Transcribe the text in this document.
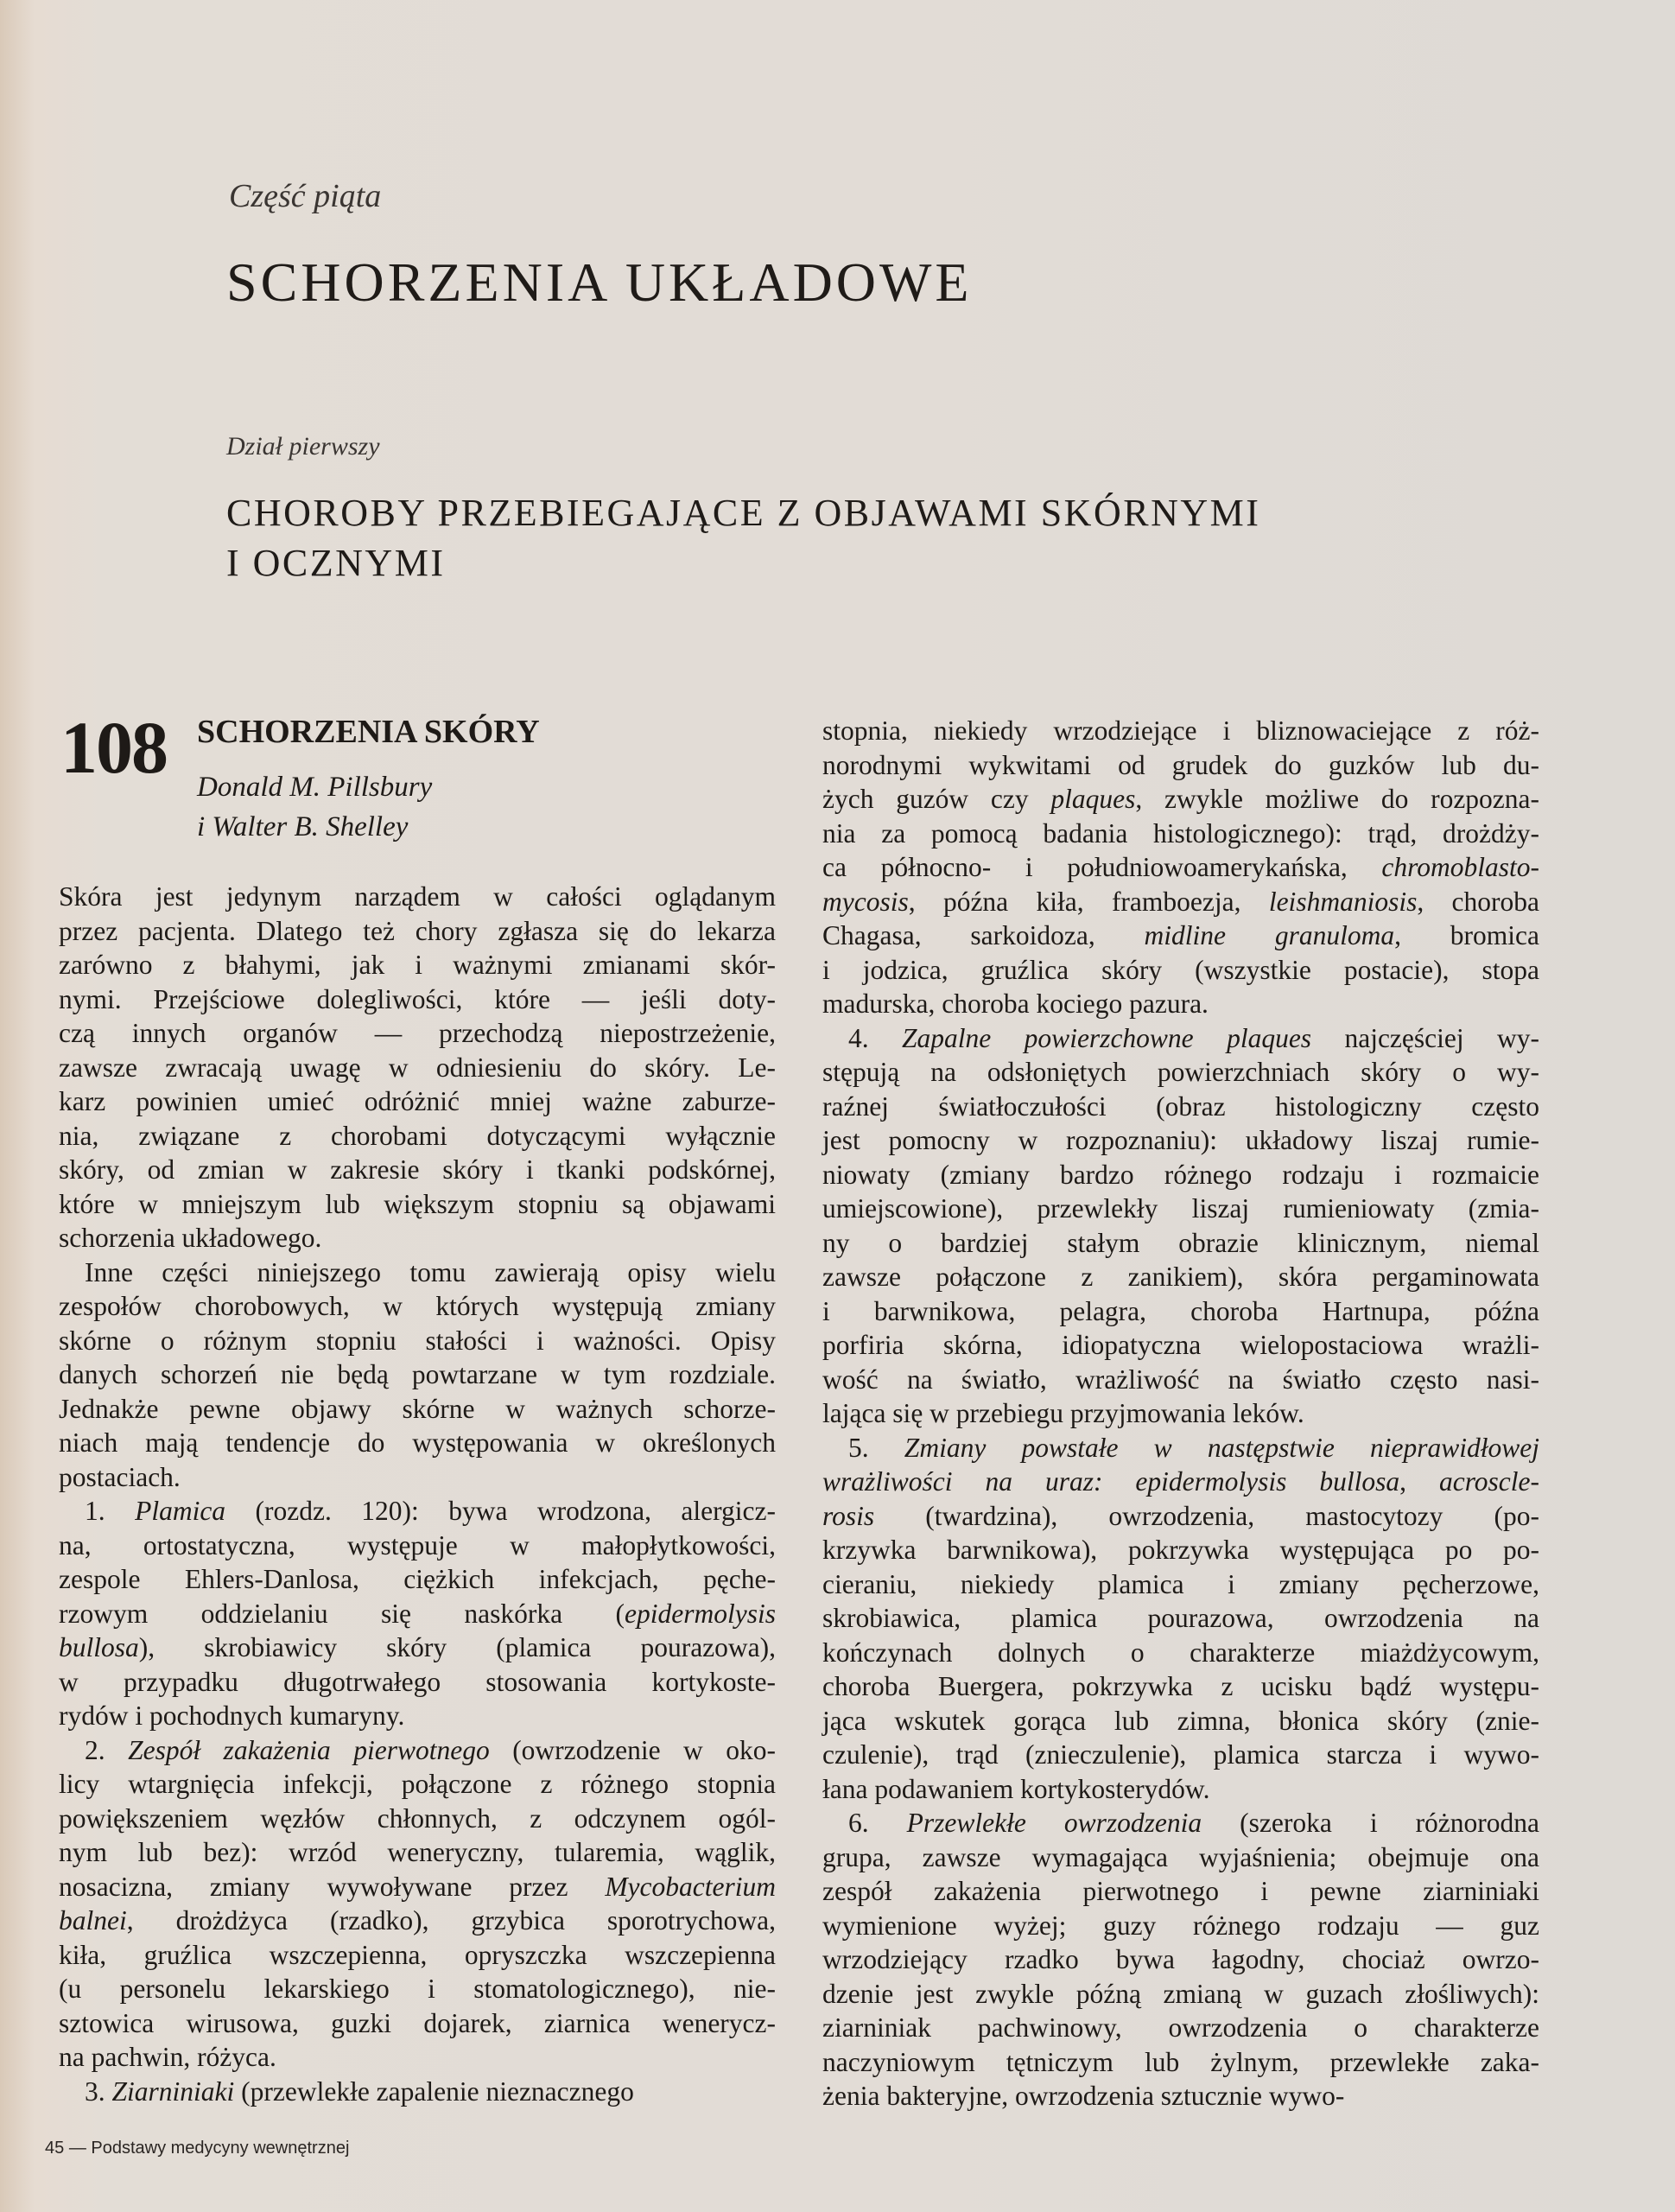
Część piąta
SCHORZENIA UKŁADOWE
Dział pierwszy
CHOROBY PRZEBIEGAJĄCE Z OBJAWAMI SKÓRNYMI
I OCZNYMI
108 SCHORZENIA SKÓRY
Donald M. Pillsbury
i Walter B. Shelley
Skóra jest jedynym narządem w całości oglądanym
przez pacjenta. Dlatego też chory zgłasza się do lekarza
zarówno z błahymi, jak i ważnymi zmianami skór-
nymi. Przejściowe dolegliwości, które — jeśli doty-
czą innych organów — przechodzą niepostrzeżenie,
zawsze zwracają uwagę w odniesieniu do skóry. Le-
karz powinien umieć odróżnić mniej ważne zaburze-
nia, związane z chorobami dotyczącymi wyłącznie
skóry, od zmian w zakresie skóry i tkanki podskórnej,
które w mniejszym lub większym stopniu są objawami
schorzenia układowego.
Inne części niniejszego tomu zawierają opisy wielu
zespołów chorobowych, w których występują zmiany
skórne o różnym stopniu stałości i ważności. Opisy
danych schorzeń nie będą powtarzane w tym rozdziale.
Jednakże pewne objawy skórne w ważnych schorze-
niach mają tendencje do występowania w określonych
postaciach.
1. Plamica (rozdz. 120): bywa wrodzona, alergicz-
na, ortostatyczna, występuje w małopłytkowości,
zespole Ehlers-Danlosa, ciężkich infekcjach, pęche-
rzowym oddzielaniu się naskórka (epidermolysis
bullosa), skrobiawicy skóry (plamica pourazowa),
w przypadku długotrwałego stosowania kortykoste-
rydów i pochodnych kumaryny.
2. Zespół zakażenia pierwotnego (owrzodzenie w oko-
licy wtargnięcia infekcji, połączone z różnego stopnia
powiększeniem węzłów chłonnych, z odczynem ogól-
nym lub bez): wrzód weneryczny, tularemia, wąglik,
nosacizna, zmiany wywoływane przez Mycobacterium
balnei, drożdżyca (rzadko), grzybica sporotrychowa,
kiła, gruźlica wszczepienna, opryszczka wszczepienna
(u personelu lekarskiego i stomatologicznego), nie-
sztowica wirusowa, guzki dojarek, ziarnica wenerycz-
na pachwin, różyca.
3. Ziarniniaki (przewlekłe zapalenie nieznacznego
stopnia, niekiedy wrzodziejące i bliznowaciejące z róż-
norodnymi wykwitami od grudek do guzków lub du-
żych guzów czy plaques, zwykle możliwe do rozpozna-
nia za pomocą badania histologicznego): trąd, drożdży-
ca północno- i południowoamerykańska, chromoblasto-
mycosis, późna kiła, framboezja, leishmaniosis, choroba
Chagasa, sarkoidoza, midline granuloma, bromica
i jodzica, gruźlica skóry (wszystkie postacie), stopa
madurska, choroba kociego pazura.
4. Zapalne powierzchowne plaques najczęściej wy-
stępują na odsłoniętych powierzchniach skóry o wy-
raźnej światłoczułości (obraz histologiczny często
jest pomocny w rozpoznaniu): układowy liszaj rumie-
niowaty (zmiany bardzo różnego rodzaju i rozmaicie
umiejscowione), przewlekły liszaj rumieniowaty (zmia-
ny o bardziej stałym obrazie klinicznym, niemal
zawsze połączone z zanikiem), skóra pergaminowata
i barwnikowa, pelagra, choroba Hartnupa, późna
porfiria skórna, idiopatyczna wielopostaciowa wrażli-
wość na światło, wrażliwość na światło często nasi-
lająca się w przebiegu przyjmowania leków.
5. Zmiany powstałe w następstwie nieprawidłowej
wrażliwości na uraz: epidermolysis bullosa, acroscle-
rosis (twardzina), owrzodzenia, mastocytozy (po-
krzywka barwnikowa), pokrzywka występująca po po-
cieraniu, niekiedy plamica i zmiany pęcherzowe,
skrobiawica, plamica pourazowa, owrzodzenia na
kończynach dolnych o charakterze miażdżycowym,
choroba Buergera, pokrzywka z ucisku bądź występu-
jąca wskutek gorąca lub zimna, błonica skóry (znie-
czulenie), trąd (znieczulenie), plamica starcza i wywo-
łana podawaniem kortykosterydów.
6. Przewlekłe owrzodzenia (szeroka i różnorodna
grupa, zawsze wymagająca wyjaśnienia; obejmuje ona
zespół zakażenia pierwotnego i pewne ziarniniaki
wymienione wyżej; guzy różnego rodzaju — guz
wrzodziejący rzadko bywa łagodny, chociaż owrzo-
dzenie jest zwykle późną zmianą w guzach złośliwych):
ziarniniak pachwinowy, owrzodzenia o charakterze
naczyniowym tętniczym lub żylnym, przewlekłe zaka-
żenia bakteryjne, owrzodzenia sztucznie wywo-
45 — Podstawy medycyny wewnętrznej
